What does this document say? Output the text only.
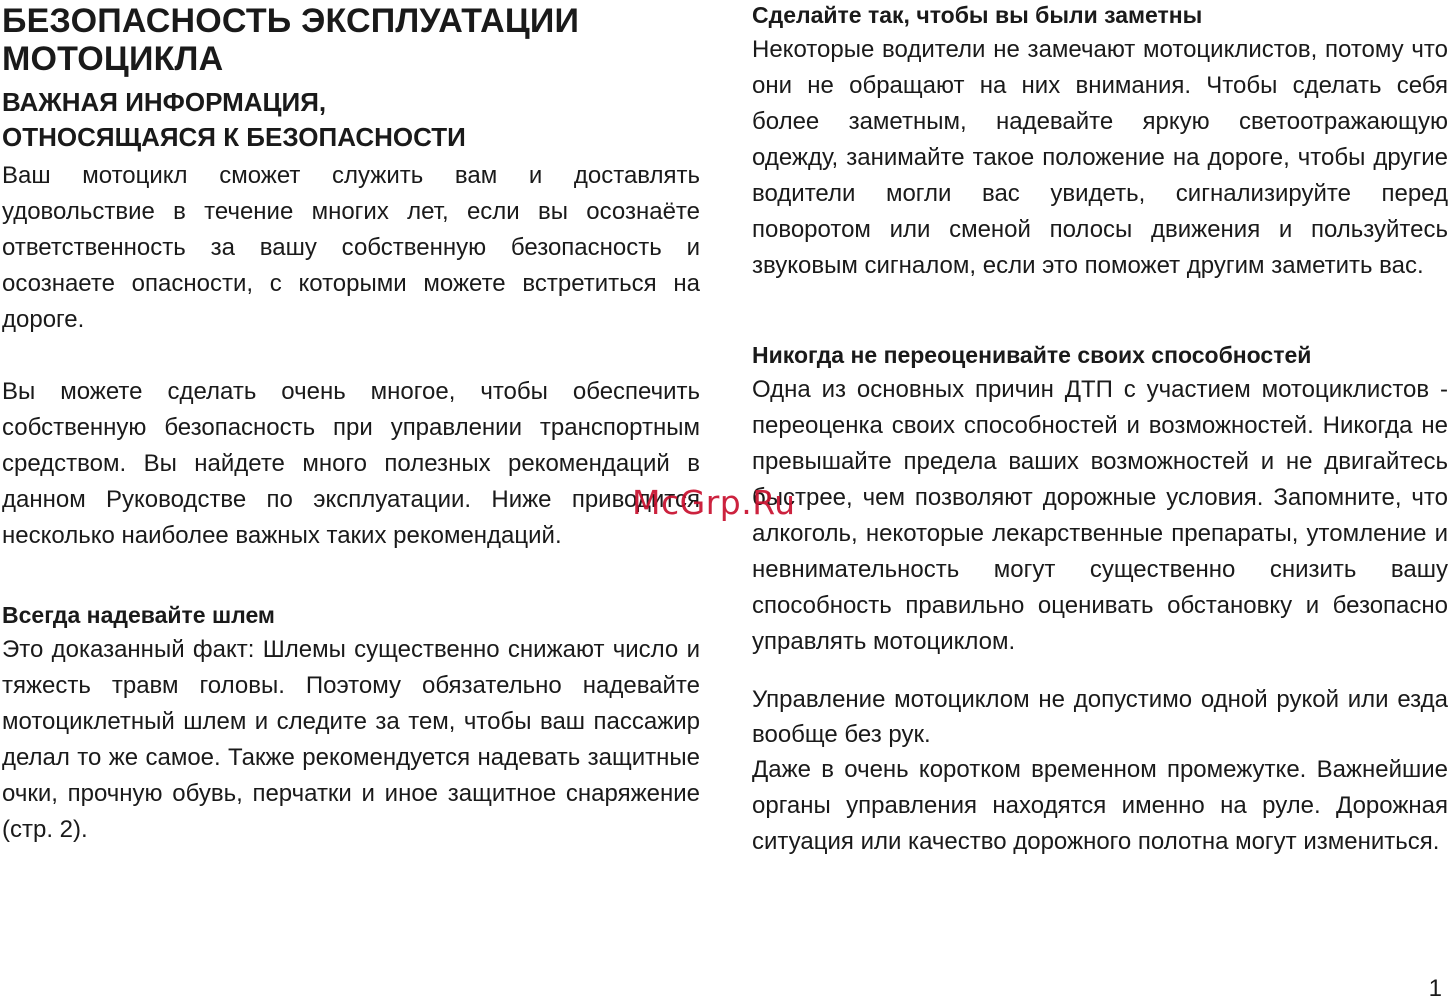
БЕЗОПАСНОСТЬ ЭКСПЛУАТАЦИИ МОТОЦИКЛА
ВАЖНАЯ ИНФОРМАЦИЯ,
ОТНОСЯЩАЯСЯ К БЕЗОПАСНОСТИ

Ваш мотоцикл сможет служить вам и доставлять удовольствие в течение многих лет, если вы осознаёте ответственность за вашу собственную безопасность и осознаете опасности, с которыми можете встретиться на дороге.

Вы можете сделать очень многое, чтобы обеспечить собственную безопасность при управлении транспортным средством. Вы найдете много полезных рекомендаций в данном Руководстве по эксплуатации. Ниже приводится несколько наиболее важных таких рекомендаций.

Всегда надевайте шлем

Это доказанный факт: Шлемы существенно снижают число и тяжесть травм головы. Поэтому обязательно надевайте мотоциклетный шлем и следите за тем, чтобы ваш пассажир делал то же самое. Также рекомендуется надевать защитные очки, прочную обувь, перчатки и иное защитное снаряжение (стр. 2).

Сделайте так, чтобы вы были заметны

Некоторые водители не замечают мотоциклистов, потому что они не обращают на них внимания. Чтобы сделать себя более заметным, надевайте яркую светоотражающую одежду, занимайте такое положение на дороге, чтобы другие водители могли вас увидеть, сигнализируйте перед поворотом или сменой полосы движения и пользуйтесь звуковым сигналом, если это поможет другим заметить вас.

Никогда не переоценивайте своих способностей

Одна из основных причин ДТП с участием мотоциклистов - переоценка своих способностей и возможностей. Никогда не превышайте предела ваших возможностей и не двигайтесь быстрее, чем позволяют дорожные условия. Запомните, что алкоголь, некоторые лекарственные препараты, утомление и невнимательность могут существенно снизить вашу способность правильно оценивать обстановку и безопасно управлять мотоциклом.

Управление мотоциклом не допустимо одной рукой или езда вообще без рук.

Даже в очень коротком временном промежутке. Важнейшие органы управления находятся именно на руле. Дорожная ситуация или качество дорожного полотна могут измениться.

McGrp.Ru
1
